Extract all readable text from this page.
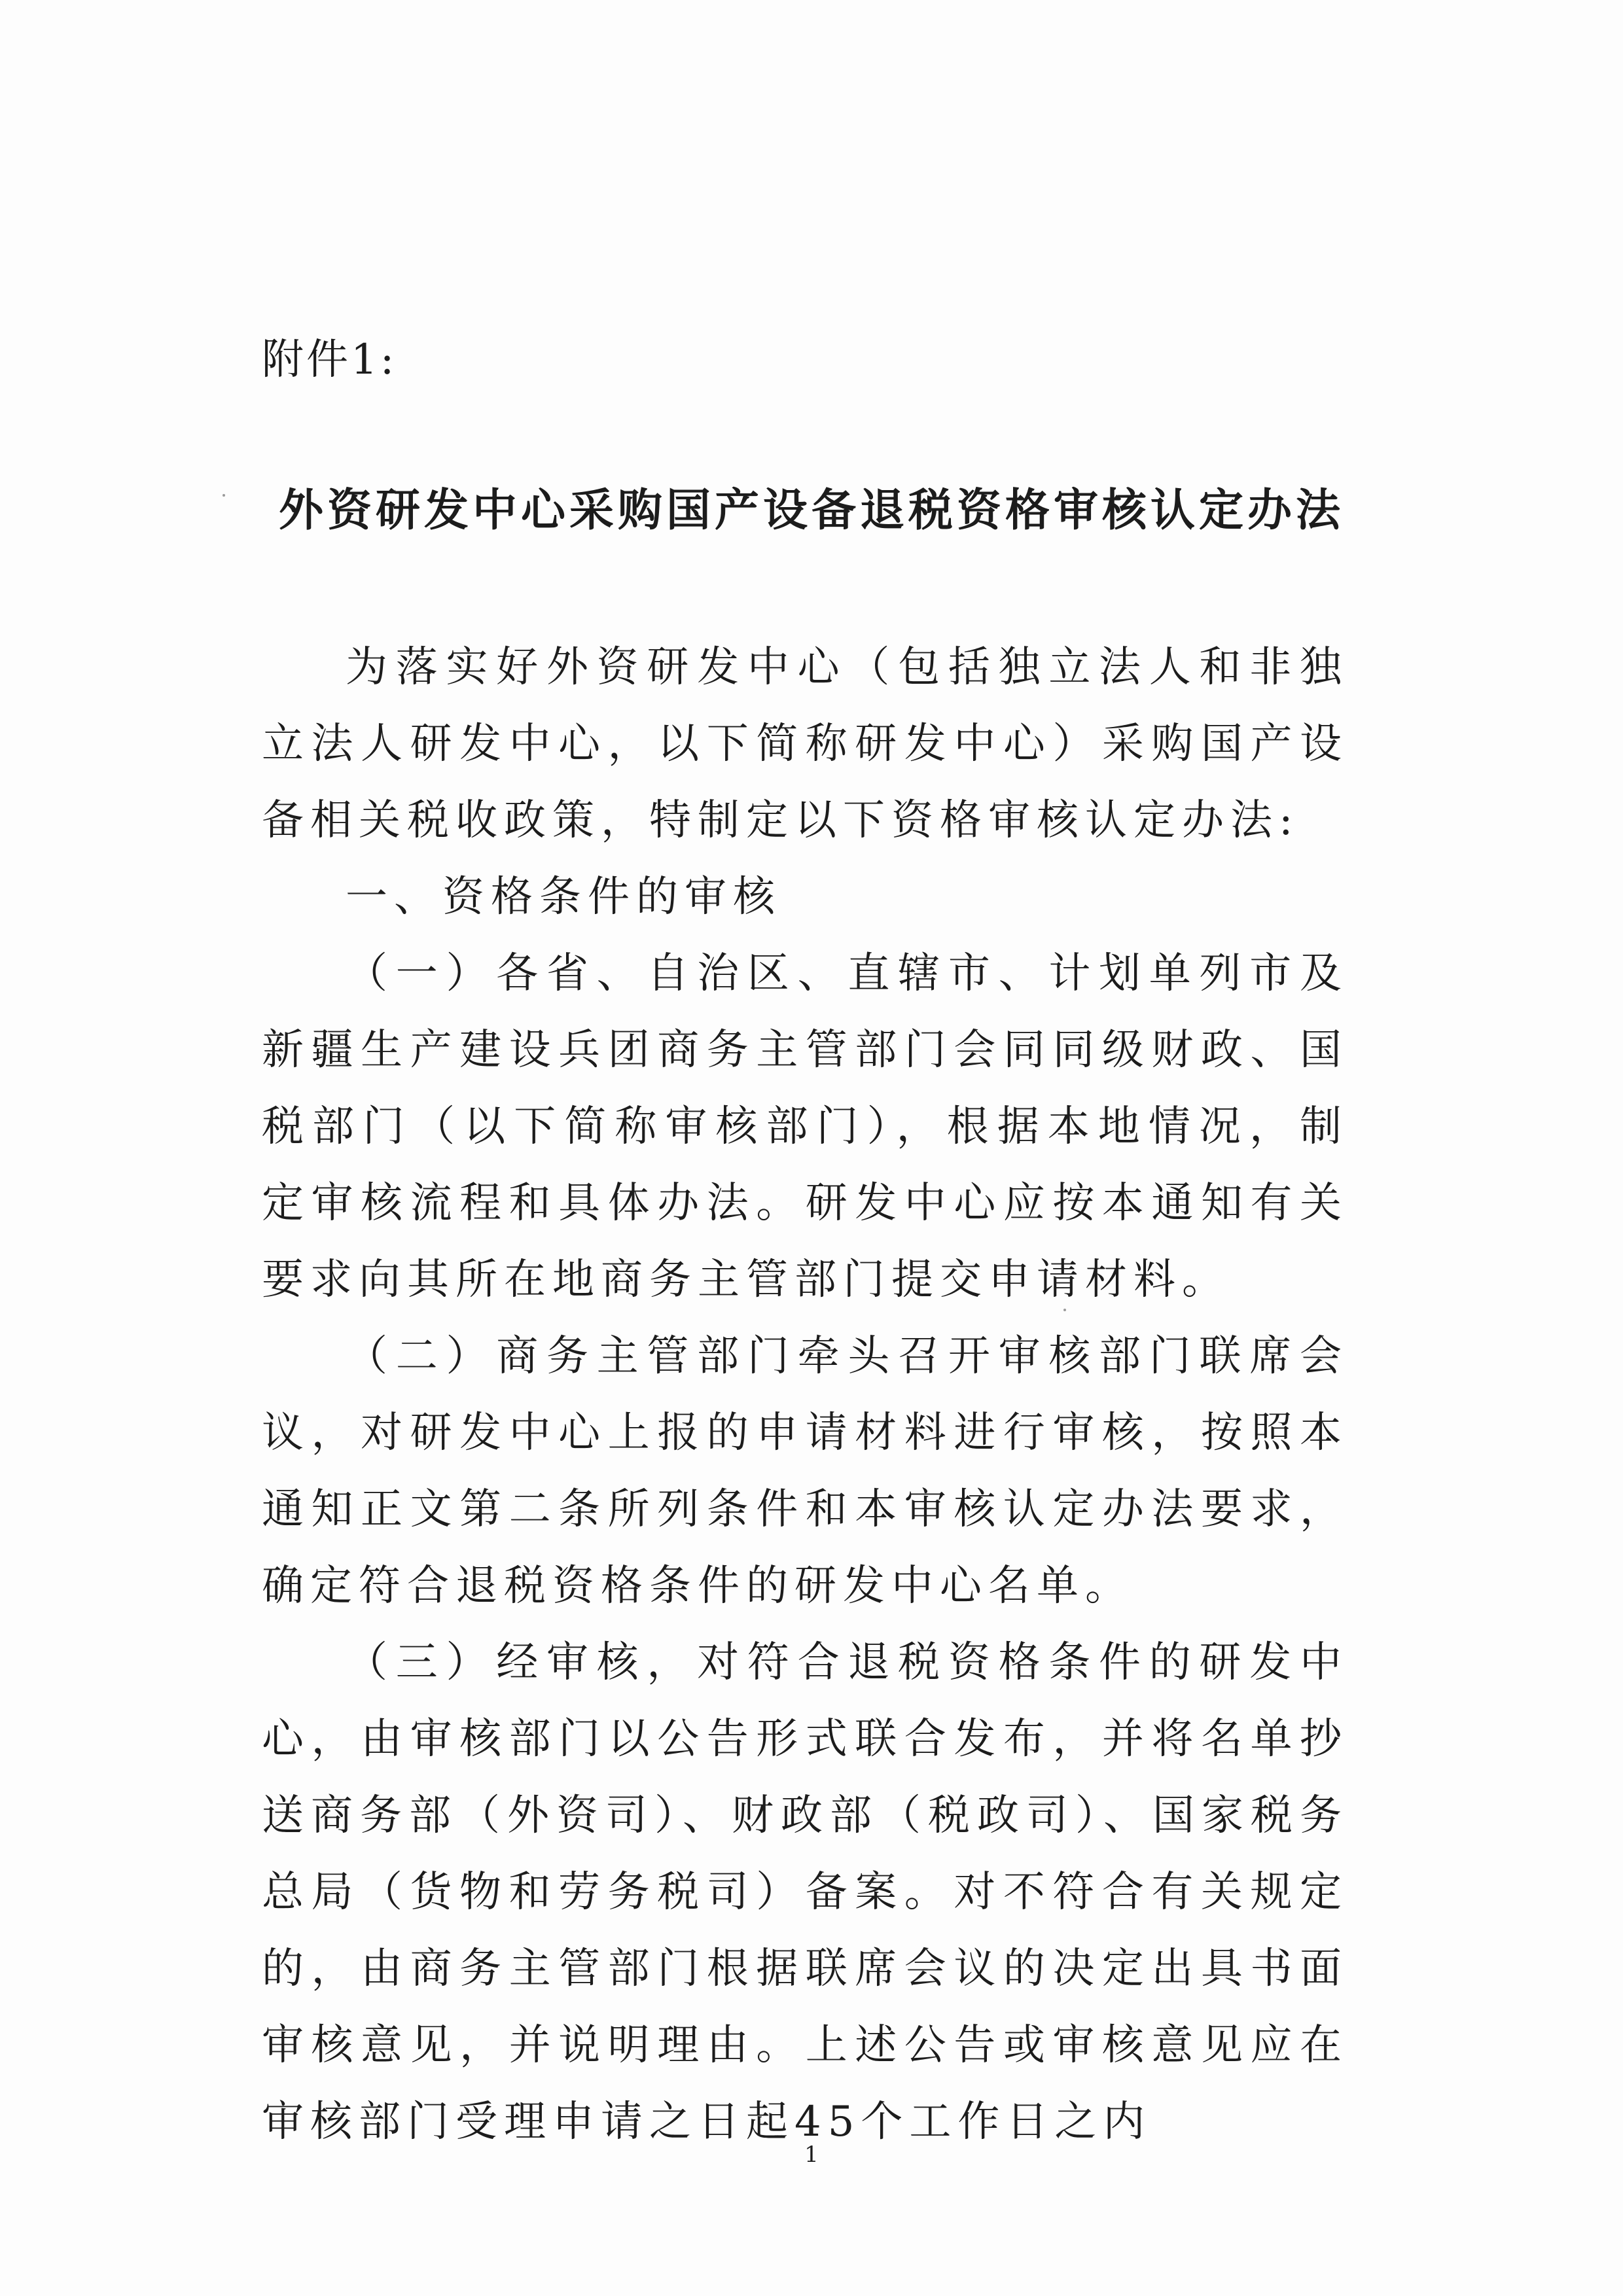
附件1:
外资研发中心采购国产设备退税资格审核认定办法

为落实好外资研发中心（包括独立法人和非独立法人研发中心，以下简称研发中心）采购国产设备相关税收政策，特制定以下资格审核认定办法:

一、资格条件的审核

（一）各省、自治区、直辖市、计划单列市及新疆生产建设兵团商务主管部门会同同级财政、国税部门（以下简称审核部门），根据本地情况，制定审核流程和具体办法。研发中心应按本通知有关要求向其所在地商务主管部门提交申请材料。

（二）商务主管部门牵头召开审核部门联席会议，对研发中心上报的申请材料进行审核，按照本通知正文第二条所列条件和本审核认定办法要求，确定符合退税资格条件的研发中心名单。

（三）经审核，对符合退税资格条件的研发中心，由审核部门以公告形式联合发布，并将名单抄送商务部（外资司）、财政部（税政司）、国家税务总局（货物和劳务税司）备案。对不符合有关规定的，由商务主管部门根据联席会议的决定出具书面审核意见，并说明理由。上述公告或审核意见应在审核部门受理申请之日起45个工作日之内

1
